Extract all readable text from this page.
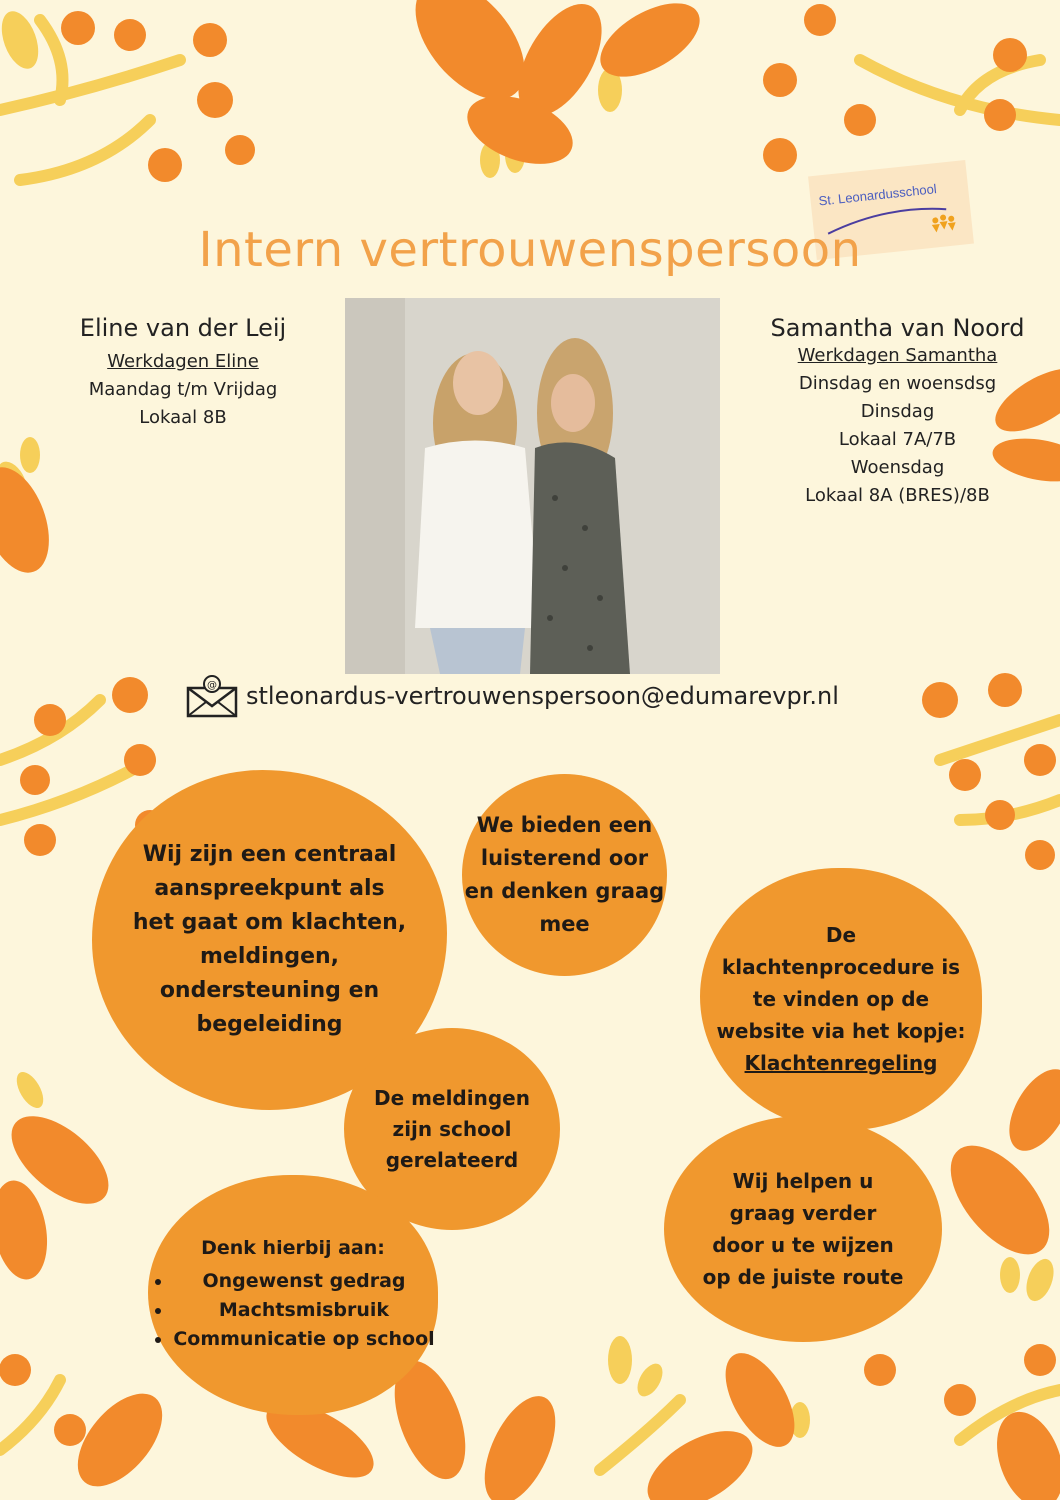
St. Leonardusschool
Intern vertrouwenspersoon
Eline van der Leij
Werkdagen Eline
Maandag t/m Vrijdag
Lokaal 8B
Samantha van Noord
Werkdagen Samantha
Dinsdag en woensdsg
Dinsdag
Lokaal 7A/7B
Woensdag
Lokaal 8A (BRES)/8B
@ stleonardus-vertrouwenspersoon@edumarevpr.nl
Wij zijn een centraal
aanspreekpunt als
het gaat om klachten,
meldingen,
ondersteuning en
begeleiding
We bieden een
luisterend oor
en denken graag
mee	De
klachtenprocedure is
te vinden op de
website via het kopje:
Klachtenregeling
De meldingen
zijn school
gerelateerd
Wij helpen u
graag verder
door u te wijzen
op de juiste route
Denk hierbij aan:
• Ongewenst gedrag
• Machtsmisbruik
• Communicatie op school
